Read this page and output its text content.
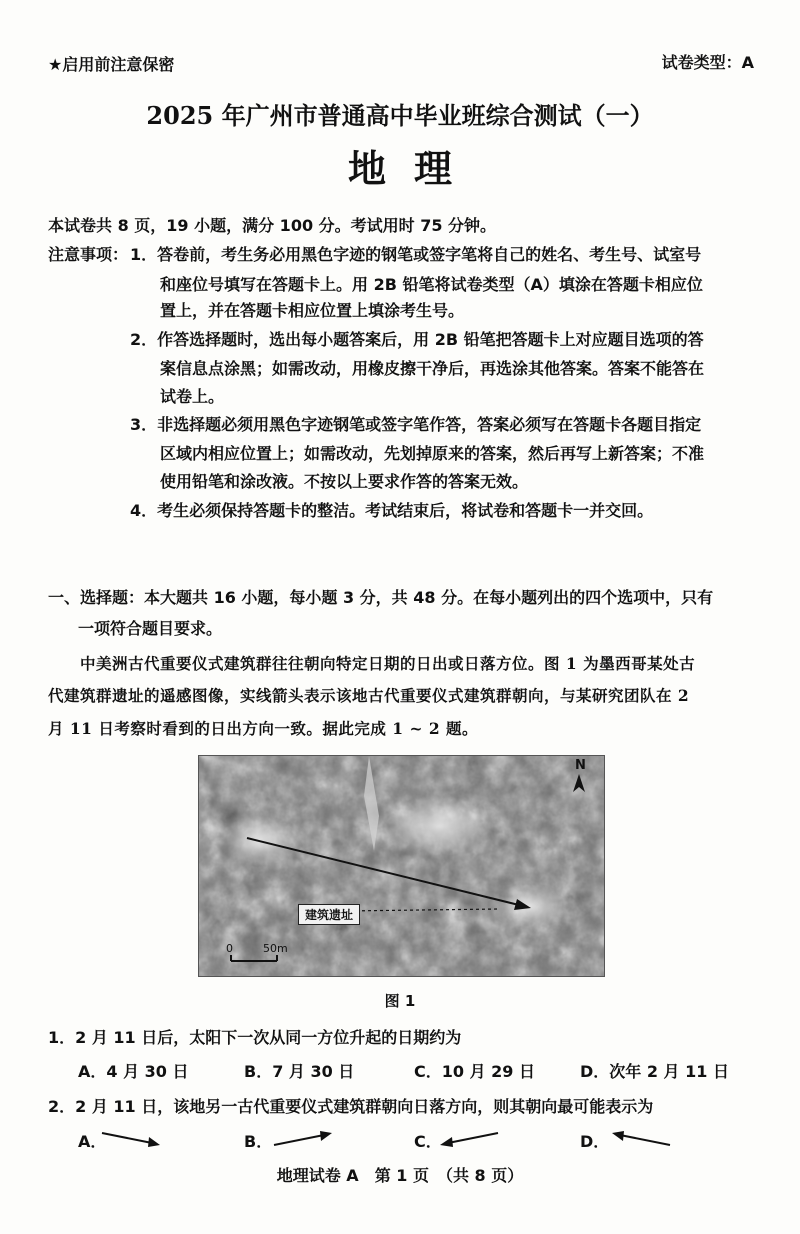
★启用前注意保密	试卷类型：A
2025 年广州市普通高中毕业班综合测试（一）
地理
本试卷共 8 页，19 小题，满分 100 分。考试用时 75 分钟。
注意事项： 1．答卷前，考生务必用黑色字迹的钢笔或签字笔将自己的姓名、考生号、试室号
和座位号填写在答题卡上。用 2B 铅笔将试卷类型（A）填涂在答题卡相应位
置上，并在答题卡相应位置上填涂考生号。
2．作答选择题时，选出每小题答案后，用 2B 铅笔把答题卡上对应题目选项的答
案信息点涂黑；如需改动，用橡皮擦干净后，再选涂其他答案。答案不能答在
试卷上。
3．非选择题必须用黑色字迹钢笔或签字笔作答，答案必须写在答题卡各题目指定
区域内相应位置上；如需改动，先划掉原来的答案，然后再写上新答案；不准
使用铅笔和涂改液。不按以上要求作答的答案无效。
4．考生必须保持答题卡的整洁。考试结束后，将试卷和答题卡一并交回。
一、选择题：本大题共 16 小题，每小题 3 分，共 48 分。在每小题列出的四个选项中，只有
一项符合题目要求。
中美洲古代重要仪式建筑群往往朝向特定日期的日出或日落方位。图 1 为墨西哥某处古
代建筑群遗址的遥感图像，实线箭头表示该地古代重要仪式建筑群朝向，与某研究团队在 2
月 11 日考察时看到的日出方向一致。据此完成 1 ~ 2 题。
N
0	50m
建筑遗址
图 1
1．2 月 11 日后，太阳下一次从同一方位升起的日期约为
A．4 月 30 日	B．7 月 30 日	C．10 月 29 日	D．次年 2 月 11 日
2．2 月 11 日，该地另一古代重要仪式建筑群朝向日落方向，则其朝向最可能表示为
A．	B．	C．	D．
地理试卷 A　第 1 页　（共 8 页）
